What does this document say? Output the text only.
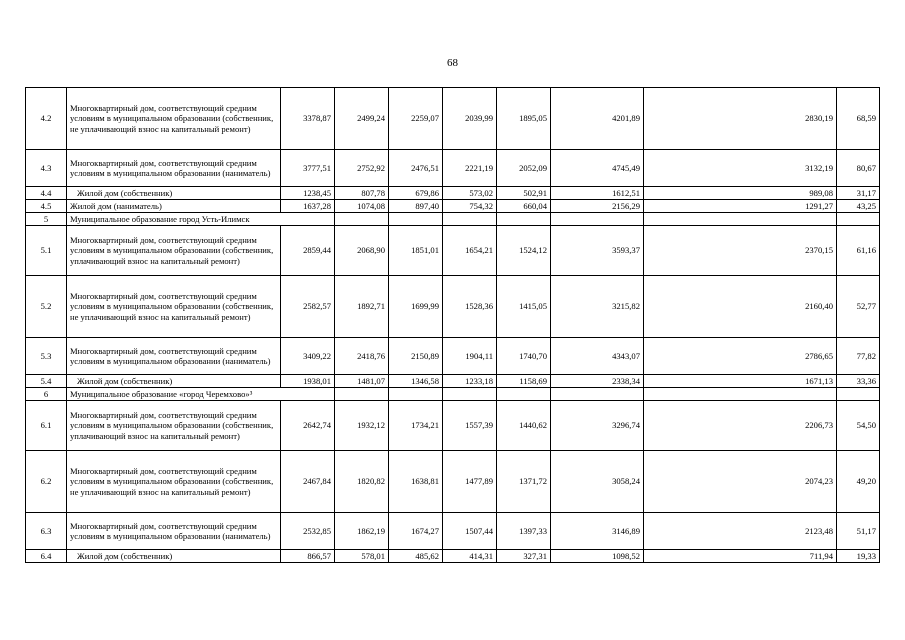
68
4.2	Многоквартирный дом, соответствующий средним условиям в муниципальном образовании (собственник, не уплачивающий взнос на капитальный ремонт)	3378,87	2499,24	2259,07	2039,99	1895,05	4201,89	2830,19	68,59
4.3	Многоквартирный дом, соответствующий средним условиям в муниципальном образовании (наниматель)	3777,51	2752,92	2476,51	2221,19	2052,09	4745,49	3132,19	80,67
4.4	Жилой дом (собственник)	1238,45	807,78	679,86	573,02	502,91	1612,51	989,08	31,17
4.5	Жилой дом (наниматель)	1637,28	1074,08	897,40	754,32	660,04	2156,29	1291,27	43,25
5	Муниципальное образование город Усть-Илимск								
5.1	Многоквартирный дом, соответствующий средним условиям в муниципальном образовании (собственник, уплачивающий взнос на капитальный ремонт)	2859,44	2068,90	1851,01	1654,21	1524,12	3593,37	2370,15	61,16
5.2	Многоквартирный дом, соответствующий средним условиям в муниципальном образовании (собственник, не уплачивающий взнос на капитальный ремонт)	2582,57	1892,71	1699,99	1528,36	1415,05	3215,82	2160,40	52,77
5.3	Многоквартирный дом, соответствующий средним условиям в муниципальном образовании (наниматель)	3409,22	2418,76	2150,89	1904,11	1740,70	4343,07	2786,65	77,82
5.4	Жилой дом (собственник)	1938,01	1481,07	1346,58	1233,18	1158,69	2338,34	1671,13	33,36
6	Муниципальное образование «город Черемхово»³								
6.1	Многоквартирный дом, соответствующий средним условиям в муниципальном образовании (собственник, уплачивающий взнос на капитальный ремонт)	2642,74	1932,12	1734,21	1557,39	1440,62	3296,74	2206,73	54,50
6.2	Многоквартирный дом, соответствующий средним условиям в муниципальном образовании (собственник, не уплачивающий взнос на капитальный ремонт)	2467,84	1820,82	1638,81	1477,89	1371,72	3058,24	2074,23	49,20
6.3	Многоквартирный дом, соответствующий средним условиям в муниципальном образовании (наниматель)	2532,85	1862,19	1674,27	1507,44	1397,33	3146,89	2123,48	51,17
6.4	Жилой дом (собственник)	866,57	578,01	485,62	414,31	327,31	1098,52	711,94	19,33
